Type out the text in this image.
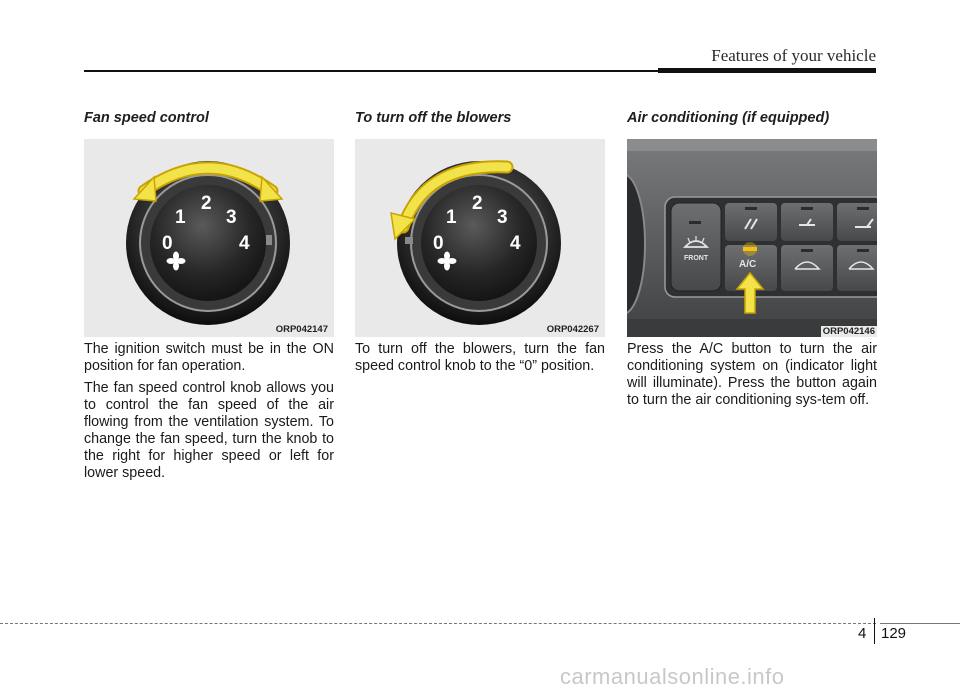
Features of your vehicle
Fan speed control
1
2
3
0	4
ORP042147

The ignition switch must be in the ON position for fan operation.

The fan speed control knob allows you to control the fan speed of the air flowing from the ventilation system. To change the fan speed, turn the knob to the right for higher speed or left for lower speed.

To turn off the blowers
1
2
3
0	4
ORP042267

To turn off the blowers, turn the fan speed control knob to the “0” position.

Air conditioning (if equipped)
FRONT
A/C
ORP042146

Press the A/C button to turn the air conditioning system on (indicator light will illuminate). Press the button again to turn the air conditioning sys-tem off.

4 129
carmanualsonline.info
